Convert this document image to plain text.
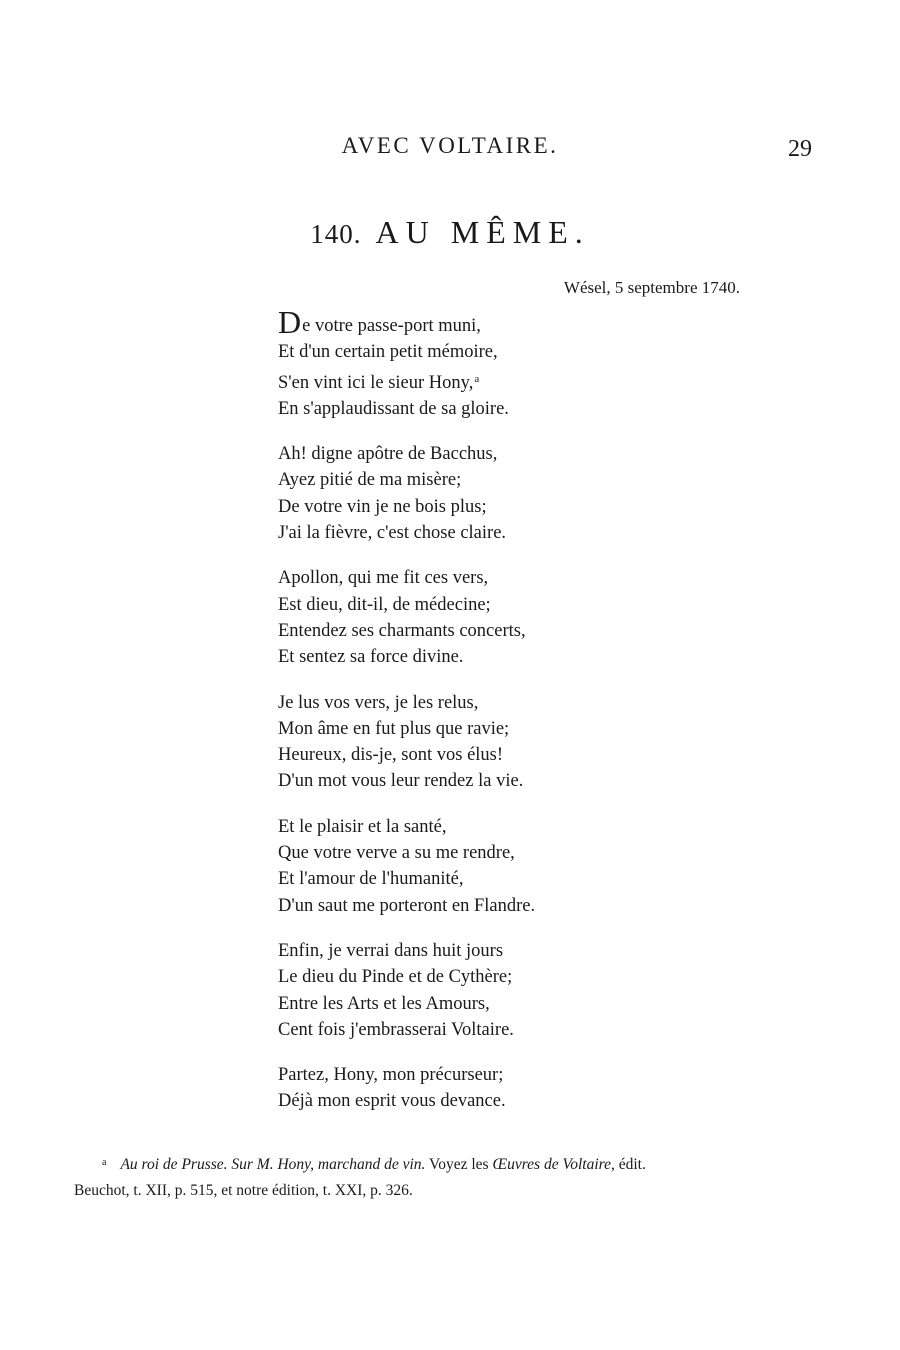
AVEC VOLTAIRE.	29
140. AU MÊME.
Wésel, 5 septembre 1740.
De votre passe-port muni,
Et d'un certain petit mémoire,
S'en vint ici le sieur Hony,$^a$
En s'applaudissant de sa gloire.
Ah! digne apôtre de Bacchus,
Ayez pitié de ma misère;
De votre vin je ne bois plus;
J'ai la fièvre, c'est chose claire.
Apollon, qui me fit ces vers,
Est dieu, dit-il, de médecine;
Entendez ses charmants concerts,
Et sentez sa force divine.
Je lus vos vers, je les relus,
Mon âme en fut plus que ravie;
Heureux, dis-je, sont vos élus!
D'un mot vous leur rendez la vie.
Et le plaisir et la santé,
Que votre verve a su me rendre,
Et l'amour de l'humanité,
D'un saut me porteront en Flandre.
Enfin, je verrai dans huit jours
Le dieu du Pinde et de Cythère;
Entre les Arts et les Amours,
Cent fois j'embrasserai Voltaire.
Partez, Hony, mon précurseur;
Déjà mon esprit vous devance.
$^a$ Au roi de Prusse. Sur M. Hony, marchand de vin. Voyez les Œuvres de Voltaire, édit.
Beuchot, t. XII, p. 515, et notre édition, t. XXI, p. 326.
